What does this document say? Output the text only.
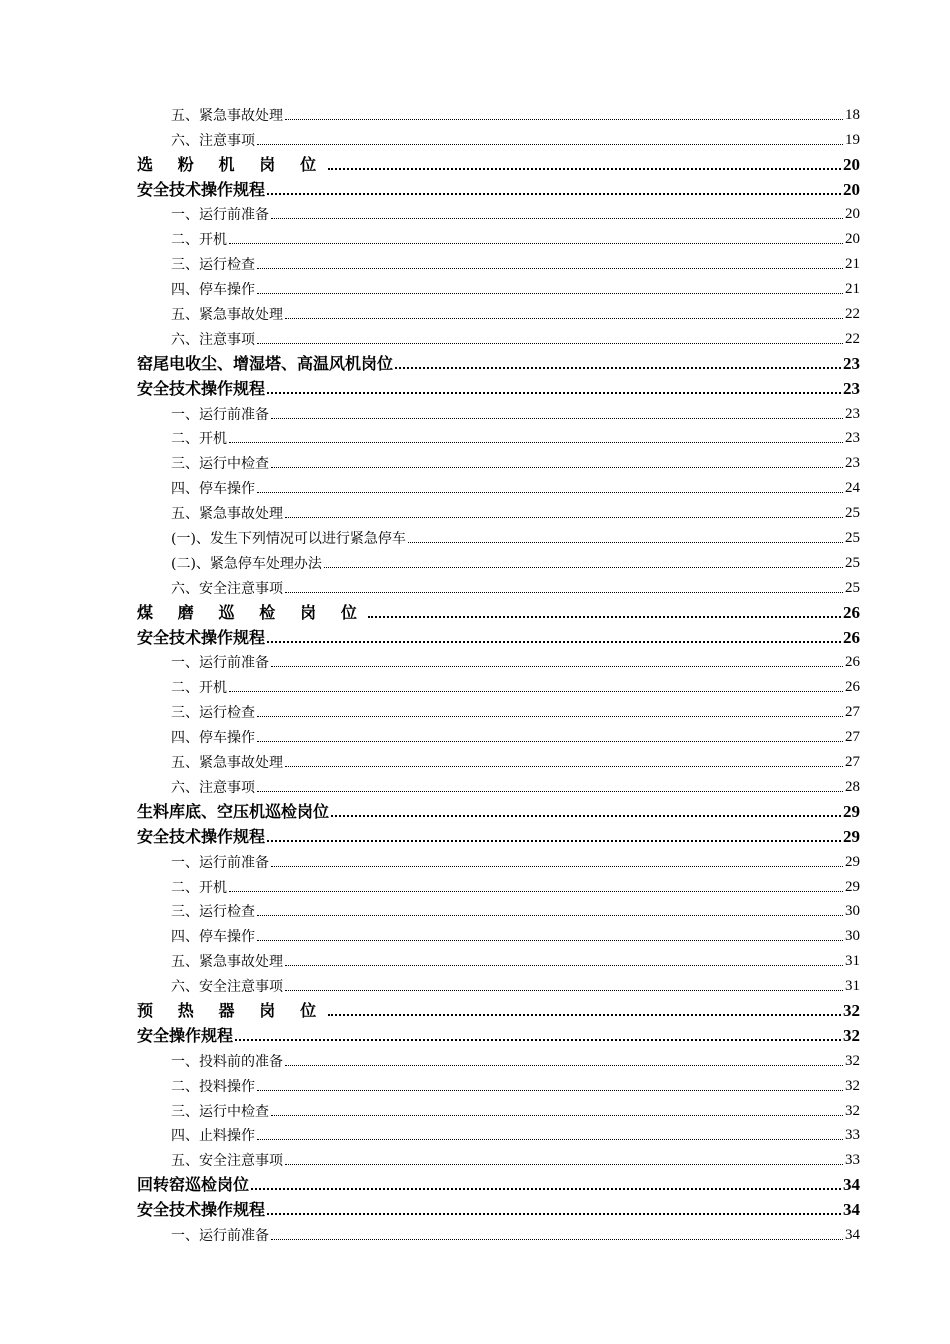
五、紧急事故处理	18
六、注意事项	19
选 粉 机 岗 位	20
安全技术操作规程	20
一、运行前准备	20
二、开机	20
三、运行检查	21
四、停车操作	21
五、紧急事故处理	22
六、注意事项	22
窑尾电收尘、增湿塔、高温风机岗位	23
安全技术操作规程	23
一、运行前准备	23
二、开机	23
三、运行中检查	23
四、停车操作	24
五、紧急事故处理	25
(一)、发生下列情况可以进行紧急停车	25
(二)、紧急停车处理办法	25
六、安全注意事项	25
煤 磨 巡 检 岗 位	26
安全技术操作规程	26
一、运行前准备	26
二、开机	26
三、运行检查	27
四、停车操作	27
五、紧急事故处理	27
六、注意事项	28
生料库底、空压机巡检岗位	29
安全技术操作规程	29
一、运行前准备	29
二、开机	29
三、运行检查	30
四、停车操作	30
五、紧急事故处理	31
六、安全注意事项	31
预 热 器 岗 位	32
安全操作规程	32
一、投料前的准备	32
二、投料操作	32
三、运行中检查	32
四、止料操作	33
五、安全注意事项	33
回转窑巡检岗位	34
安全技术操作规程	34
一、运行前准备	34
